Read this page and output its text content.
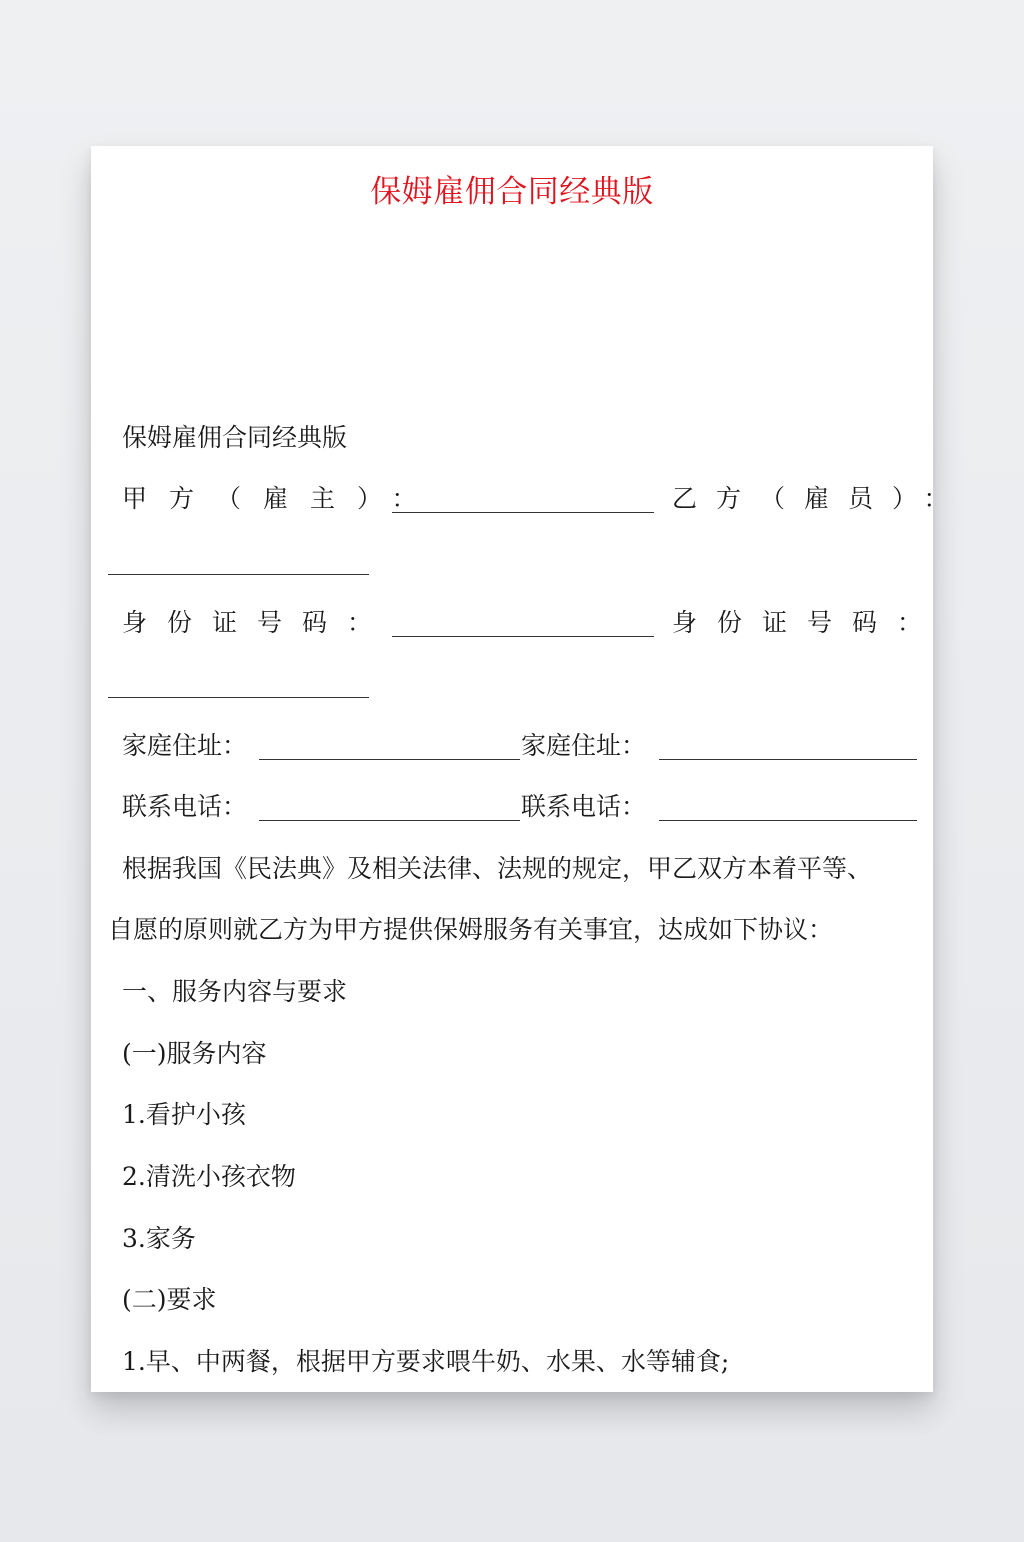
保姆雇佣合同经典版
保姆雇佣合同经典版
甲方（雇主）：	乙方（雇员）：
身份证号码：	身份证号码：
家庭住址：	家庭住址：
联系电话：	联系电话：
根据我国《民法典》及相关法律、法规的规定，甲乙双方本着平等、
自愿的原则就乙方为甲方提供保姆服务有关事宜，达成如下协议：
一、服务内容与要求
(一)服务内容
1.看护小孩
2.清洗小孩衣物
3.家务
(二)要求
1.早、中两餐，根据甲方要求喂牛奶、水果、水等辅食;
